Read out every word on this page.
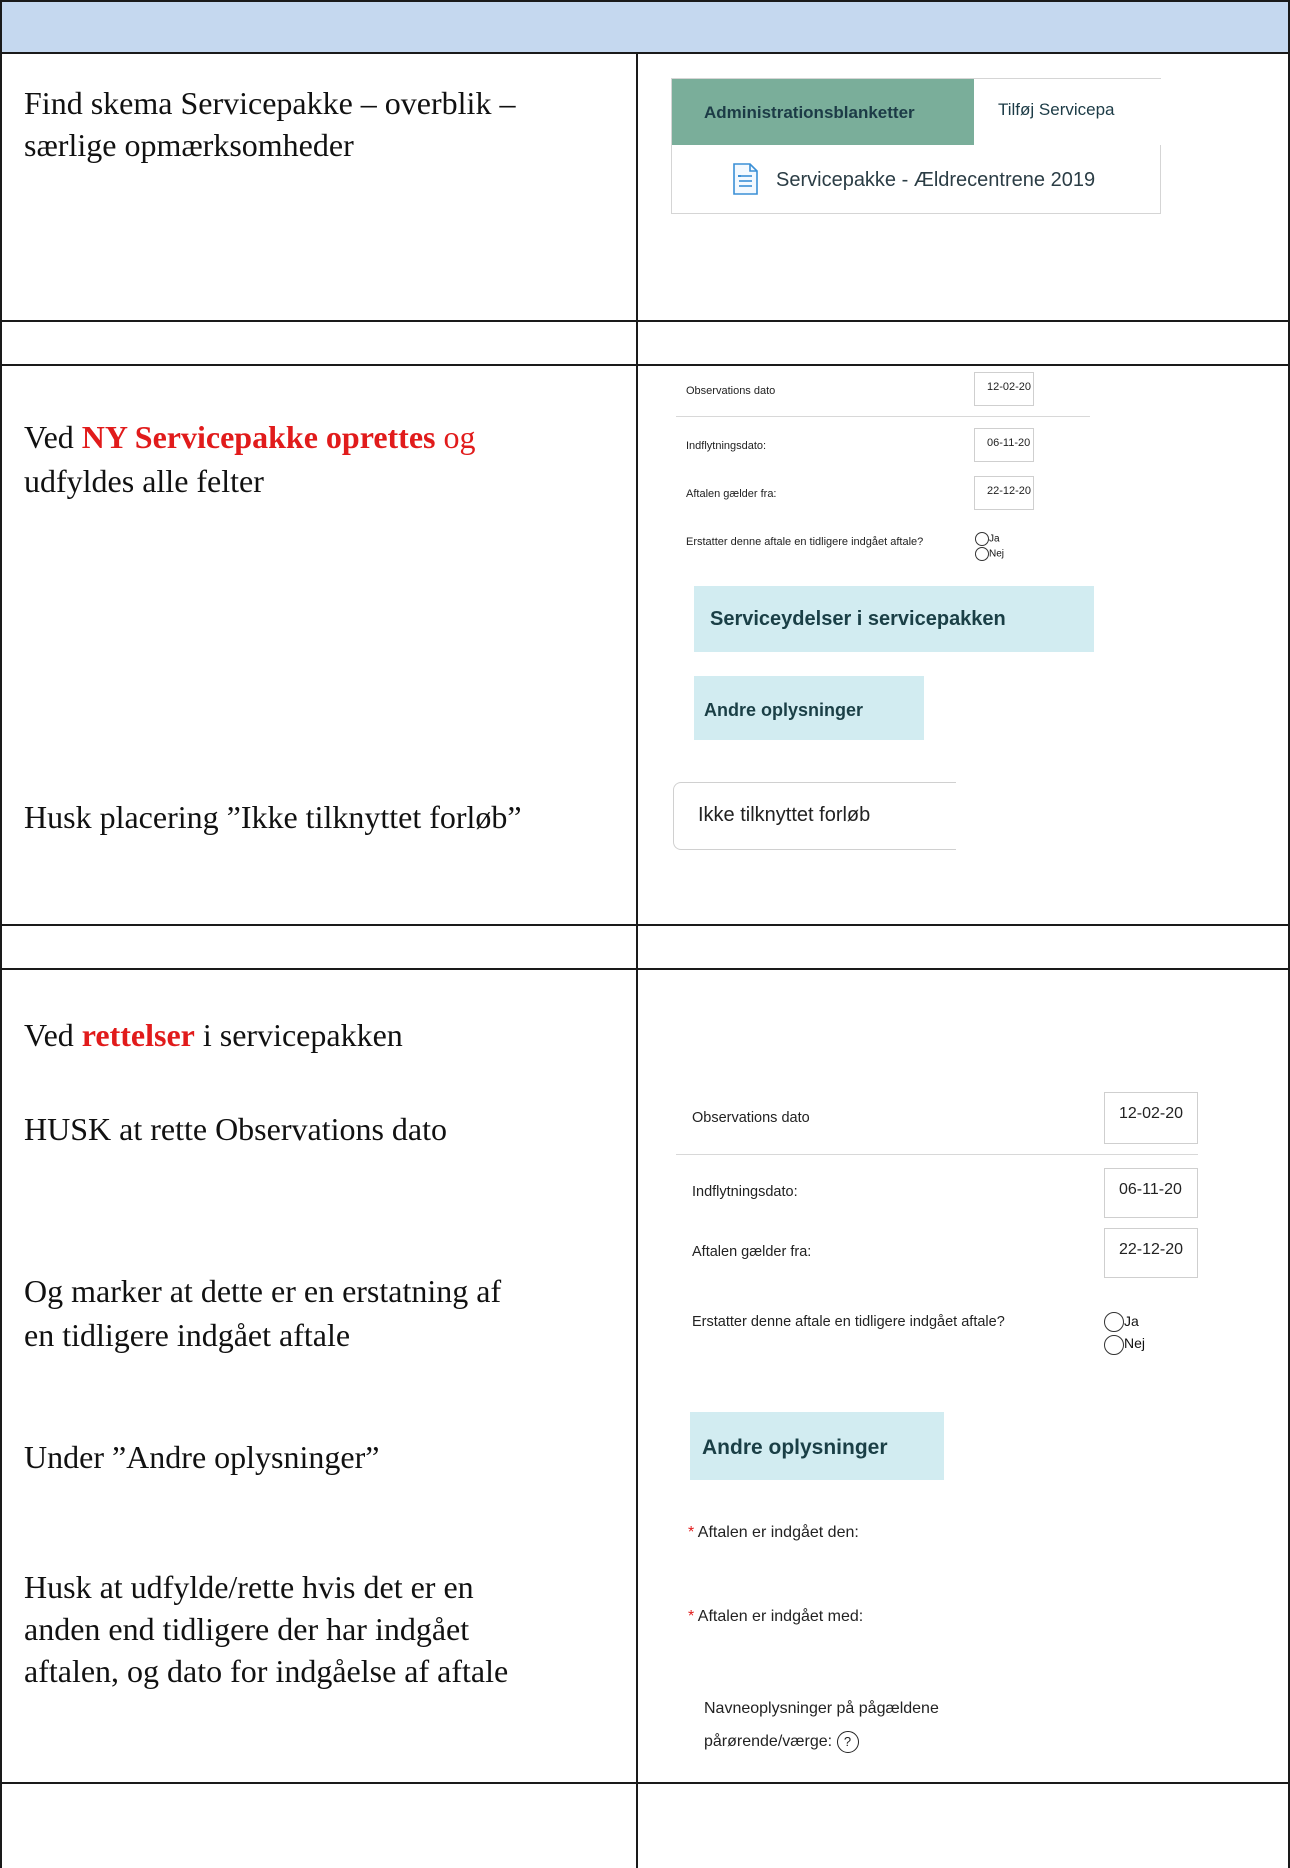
Find skema Servicepakke – overblik – særlige opmærksomheder
Ved NY Servicepakke oprettes og
udfyldes alle felter
Husk placering ”Ikke tilknyttet forløb”
Ved rettelser i servicepakken
HUSK at rette Observations dato
Og marker at dette er en erstatning af
en tidligere indgået aftale
Under ”Andre oplysninger”
Husk at udfylde/rette hvis det er en
anden end tidligere der har indgået
aftalen, og dato for indgåelse af aftale
Administrationsblanketter	Tilføj Servicepa
Servicepakke - Ældrecentrene 2019
Observations dato	12-02-20
Indflytningsdato:	06-11-20
Aftalen gælder fra:	22-12-20
Erstatter denne aftale en tidligere indgået aftale?	Ja
Nej
Serviceydelser i servicepakken
Andre oplysninger
Ikke tilknyttet forløb
Observations dato	12-02-20
Indflytningsdato:	06-11-20
Aftalen gælder fra:	22-12-20
Erstatter denne aftale en tidligere indgået aftale?	Ja
Nej
Andre oplysninger
* Aftalen er indgået den:
* Aftalen er indgået med:
Navneoplysninger på pågældene
pårørende/værge: ?
